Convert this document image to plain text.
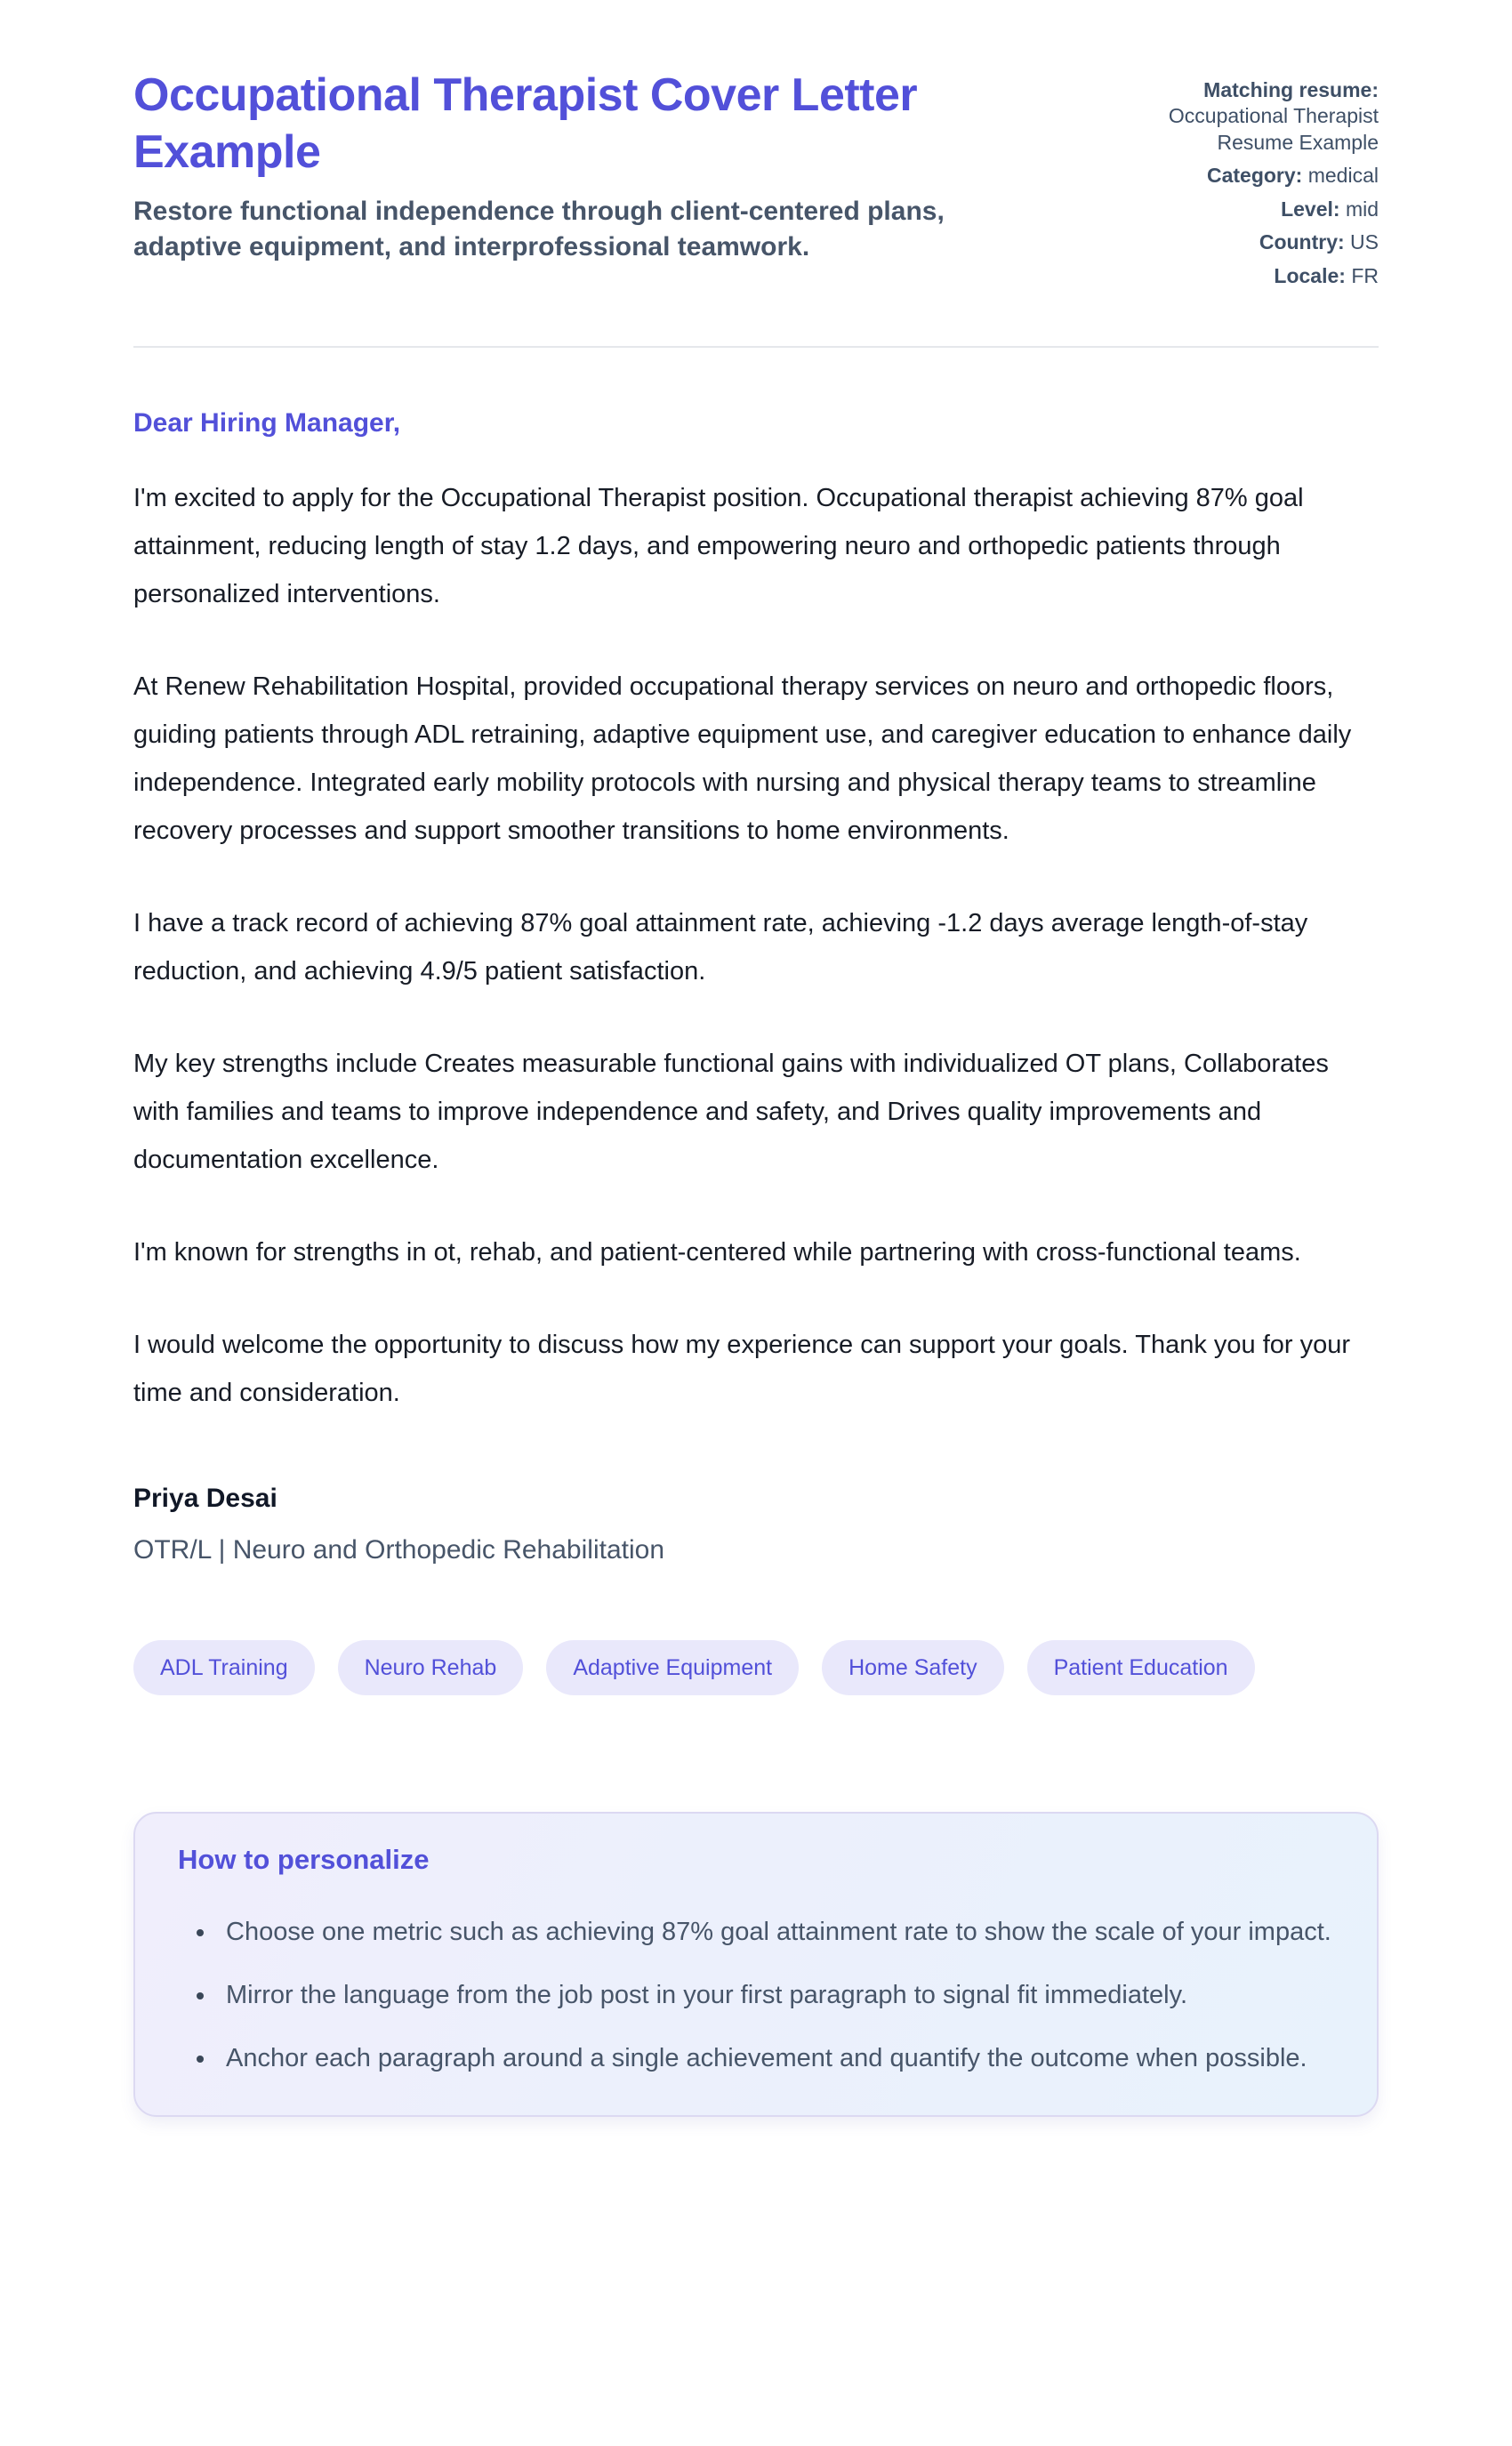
Occupational Therapist Cover Letter Example

Restore functional independence through client-centered plans, adaptive equipment, and interprofessional teamwork.

Matching resume: Occupational Therapist Resume Example
Category: medical
Level: mid
Country: US
Locale: FR

Dear Hiring Manager,

I'm excited to apply for the Occupational Therapist position. Occupational therapist achieving 87% goal attainment, reducing length of stay 1.2 days, and empowering neuro and orthopedic patients through personalized interventions.

At Renew Rehabilitation Hospital, provided occupational therapy services on neuro and orthopedic floors, guiding patients through ADL retraining, adaptive equipment use, and caregiver education to enhance daily independence. Integrated early mobility protocols with nursing and physical therapy teams to streamline recovery processes and support smoother transitions to home environments.

I have a track record of achieving 87% goal attainment rate, achieving -1.2 days average length-of-stay reduction, and achieving 4.9/5 patient satisfaction.

My key strengths include Creates measurable functional gains with individualized OT plans, Collaborates with families and teams to improve independence and safety, and Drives quality improvements and documentation excellence.

I'm known for strengths in ot, rehab, and patient-centered while partnering with cross-functional teams.

I would welcome the opportunity to discuss how my experience can support your goals. Thank you for your time and consideration.

Priya Desai

OTR/L | Neuro and Orthopedic Rehabilitation

ADL Training	Neuro Rehab	Adaptive Equipment	Home Safety	Patient Education
How to personalize
• Choose one metric such as achieving 87% goal attainment rate to show the scale of your impact.
• Mirror the language from the job post in your first paragraph to signal fit immediately.
• Anchor each paragraph around a single achievement and quantify the outcome when possible.
